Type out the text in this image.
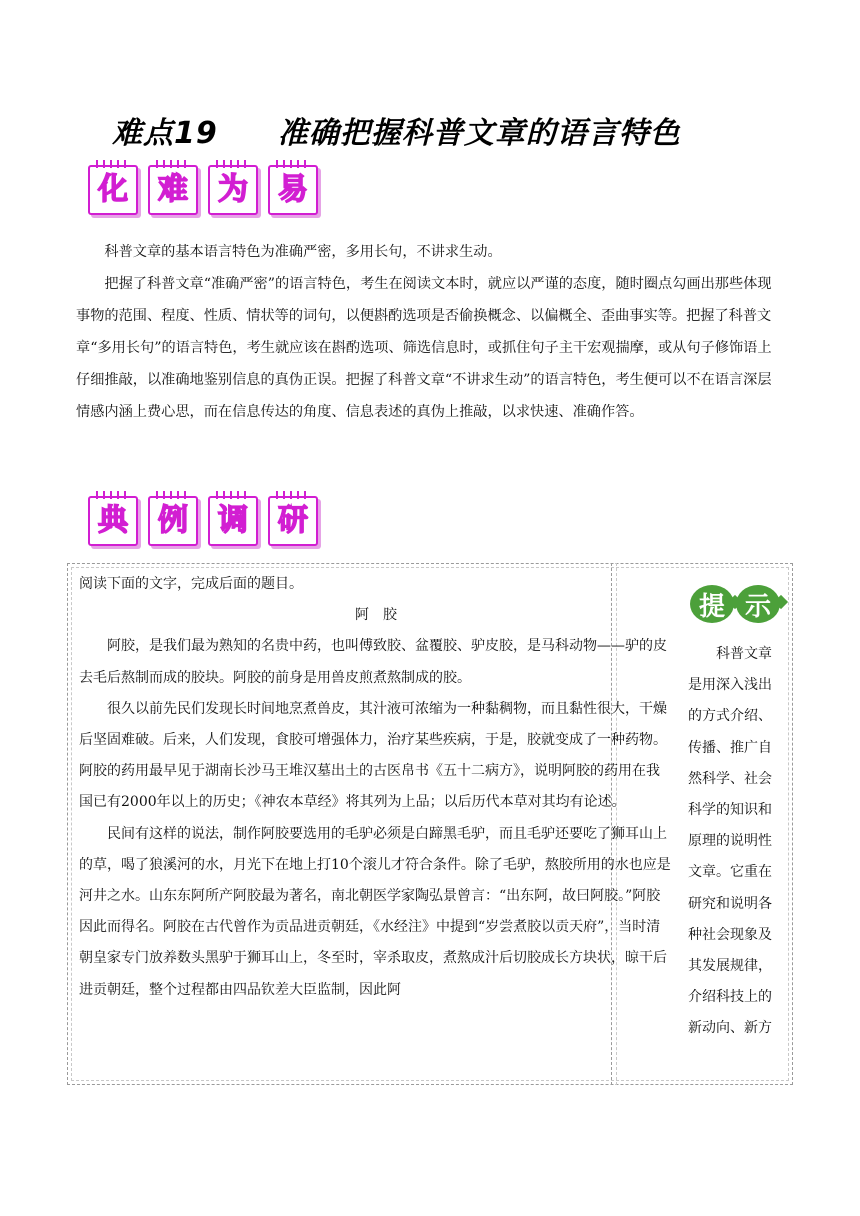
难点19 准确把握科普文章的语言特色
化 难 为 易

科普文章的基本语言特色为准确严密，多用长句，不讲求生动。

把握了科普文章“准确严密”的语言特色，考生在阅读文本时，就应以严谨的态度，随时圈点勾画出那些体现事物的范围、程度、性质、情状等的词句，以便斟酌选项是否偷换概念、以偏概全、歪曲事实等。把握了科普文章“多用长句”的语言特色，考生就应该在斟酌选项、筛选信息时，或抓住句子主干宏观揣摩，或从句子修饰语上仔细推敲，以准确地鉴别信息的真伪正误。把握了科普文章“不讲求生动”的语言特色，考生便可以不在语言深层情感内涵上费心思，而在信息传达的角度、信息表述的真伪上推敲，以求快速、准确作答。

典 例 调 研

阅读下面的文字，完成后面的题目。

阿　胶

阿胶，是我们最为熟知的名贵中药，也叫傅致胶、盆覆胶、驴皮胶，是马科动物——驴的皮去毛后熬制而成的胶块。阿胶的前身是用兽皮煎煮熬制成的胶。

很久以前先民们发现长时间地烹煮兽皮，其汁液可浓缩为一种黏稠物，而且黏性很大，干燥后坚固难破。后来，人们发现，食胶可增强体力，治疗某些疾病，于是，胶就变成了一种药物。阿胶的药用最早见于湖南长沙马王堆汉墓出土的古医帛书《五十二病方》，说明阿胶的药用在我国已有2000年以上的历史；《神农本草经》将其列为上品；以后历代本草对其均有论述。

民间有这样的说法，制作阿胶要选用的毛驴必须是白蹄黑毛驴，而且毛驴还要吃了狮耳山上的草，喝了狼溪河的水，月光下在地上打10个滚儿才符合条件。除了毛驴，熬胶所用的水也应是河井之水。山东东阿所产阿胶最为著名，南北朝医学家陶弘景曾言：“出东阿，故曰阿胶。”阿胶因此而得名。阿胶在古代曾作为贡品进贡朝廷，《水经注》中提到“岁尝煮胶以贡天府”，当时清朝皇家专门放养数头黑驴于狮耳山上，冬至时，宰杀取皮，煮熬成汁后切胶成长方块状，晾干后进贡朝廷，整个过程都由四品钦差大臣监制，因此阿

提 示

科普文章是用深入浅出的方式介绍、传播、推广自然科学、社会科学的知识和原理的说明性文章。它重在研究和说明各种社会现象及其发展规律，介绍科技上的新动向、新方
